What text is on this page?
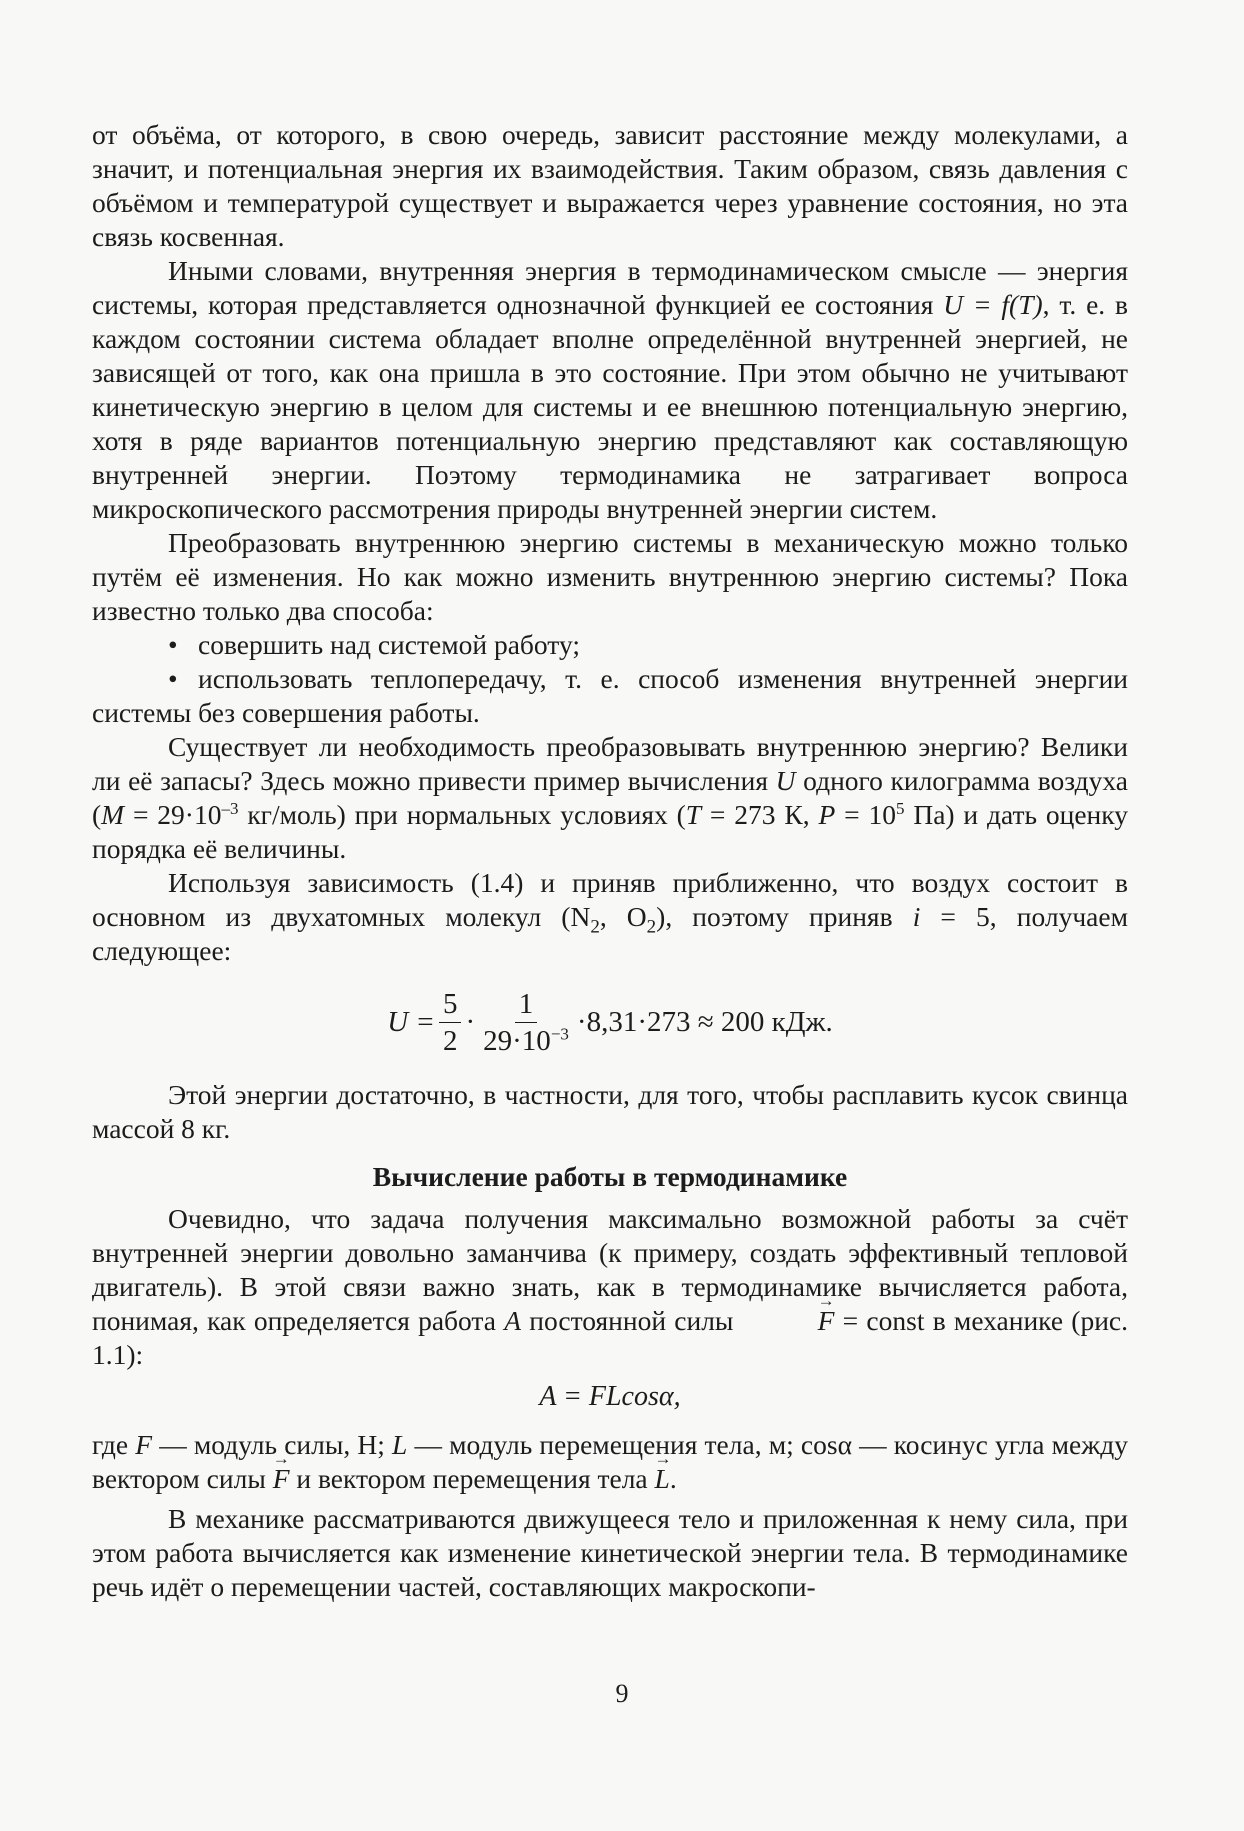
от объёма, от которого, в свою очередь, зависит расстояние между молекулами, а значит, и потенциальная энергия их взаимодействия. Таким образом, связь давления с объёмом и температурой существует и выражается через уравнение состояния, но эта связь косвенная.

Иными словами, внутренняя энергия в термодинамическом смысле — энергия системы, которая представляется однозначной функцией ее состояния U = f(T), т. е. в каждом состоянии система обладает вполне определённой внутренней энергией, не зависящей от того, как она пришла в это состояние. При этом обычно не учитывают кинетическую энергию в целом для системы и ее внешнюю потенциальную энергию, хотя в ряде вариантов потенциальную энергию представляют как составляющую внутренней энергии. Поэтому термодинамика не затрагивает вопроса микроскопического рассмотрения природы внутренней энергии систем.

Преобразовать внутреннюю энергию системы в механическую можно только путём её изменения. Но как можно изменить внутреннюю энергию системы? Пока известно только два способа:

• совершить над системой работу;

• использовать теплопередачу, т. е. способ изменения внутренней энергии системы без совершения работы.

Существует ли необходимость преобразовывать внутреннюю энергию? Велики ли её запасы? Здесь можно привести пример вычисления U одного килограмма воздуха ($M = 29\cdot 10^{-3}$ кг/моль) при нормальных условиях (T = 273 К, $P = 10^5$ Па) и дать оценку порядка её величины.

Используя зависимость (1.4) и приняв приближенно, что воздух состоит в основном из двухатомных молекул ($N_2$, $O_2$), поэтому приняв i = 5, получаем следующее:

$U = \frac{5}{2} \cdot \frac{1}{29\cdot 10^{-3}} \cdot 8,31\cdot 273 \approx 200$ кДж.

Этой энергии достаточно, в частности, для того, чтобы расплавить кусок свинца массой 8 кг.

Вычисление работы в термодинамике

Очевидно, что задача получения максимально возможной работы за счёт внутренней энергии довольно заманчива (к примеру, создать эффективный тепловой двигатель). В этой связи важно знать, как в термодинамике вычисляется работа, понимая, как определяется работа A постоянной силы →	F = const в механике (рис. 1.1):

A = FLcosα,

где F — модуль силы, Н; L — модуль перемещения тела, м; cosα — косинус угла между вектором силы → F и вектором перемещения тела → L.

В механике рассматриваются движущееся тело и приложенная к нему сила, при этом работа вычисляется как изменение кинетической энергии тела. В термодинамике речь идёт о перемещении частей, составляющих макроскопи-

9
